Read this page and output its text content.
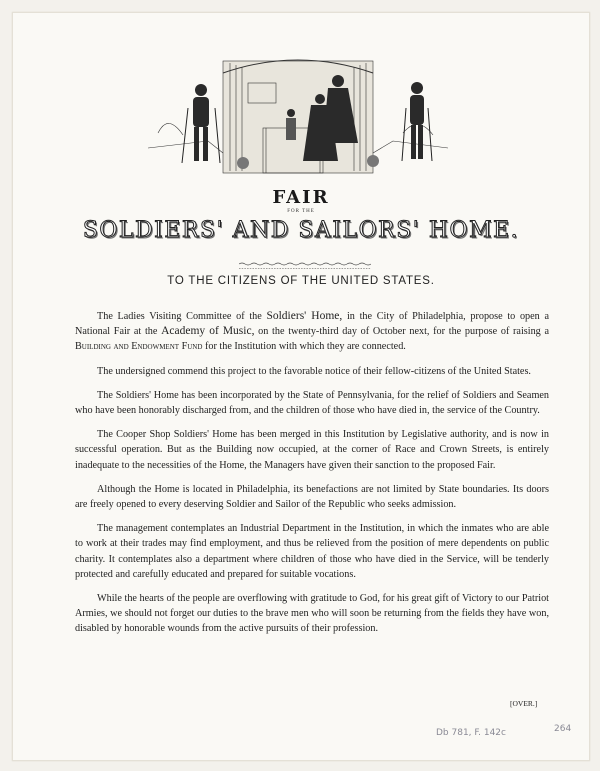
FAIR
FOR THE
SOLDIERS' AND SAILORS' HOME.
TO THE CITIZENS OF THE UNITED STATES.

The Ladies Visiting Committee of the Soldiers' Home, in the City of Philadelphia, propose to open a National Fair at the Academy of Music, on the twenty-third day of October next, for the purpose of raising a Building and Endowment Fund for the Institution with which they are connected.

The undersigned commend this project to the favorable notice of their fellow-citizens of the United States.

The Soldiers' Home has been incorporated by the State of Pennsylvania, for the relief of Soldiers and Seamen who have been honorably discharged from, and the children of those who have died in, the service of the Country.

The Cooper Shop Soldiers' Home has been merged in this Institution by Legislative authority, and is now in successful operation. But as the Building now occupied, at the corner of Race and Crown Streets, is entirely inadequate to the necessities of the Home, the Managers have given their sanction to the proposed Fair.

Although the Home is located in Philadelphia, its benefactions are not limited by State boundaries. Its doors are freely opened to every deserving Soldier and Sailor of the Republic who seeks admission.

The management contemplates an Industrial Department in the Institution, in which the inmates who are able to work at their trades may find employment, and thus be relieved from the position of mere dependents on public charity. It contemplates also a department where children of those who have died in the Service, will be tenderly protected and carefully educated and prepared for suitable vocations.

While the hearts of the people are overflowing with gratitude to God, for his great gift of Victory to our Patriot Armies, we should not forget our duties to the brave men who will soon be returning from the fields they have won, disabled by honorable wounds from the active pursuits of their profession.

[OVER.]
Db 781, F. 142c	264
